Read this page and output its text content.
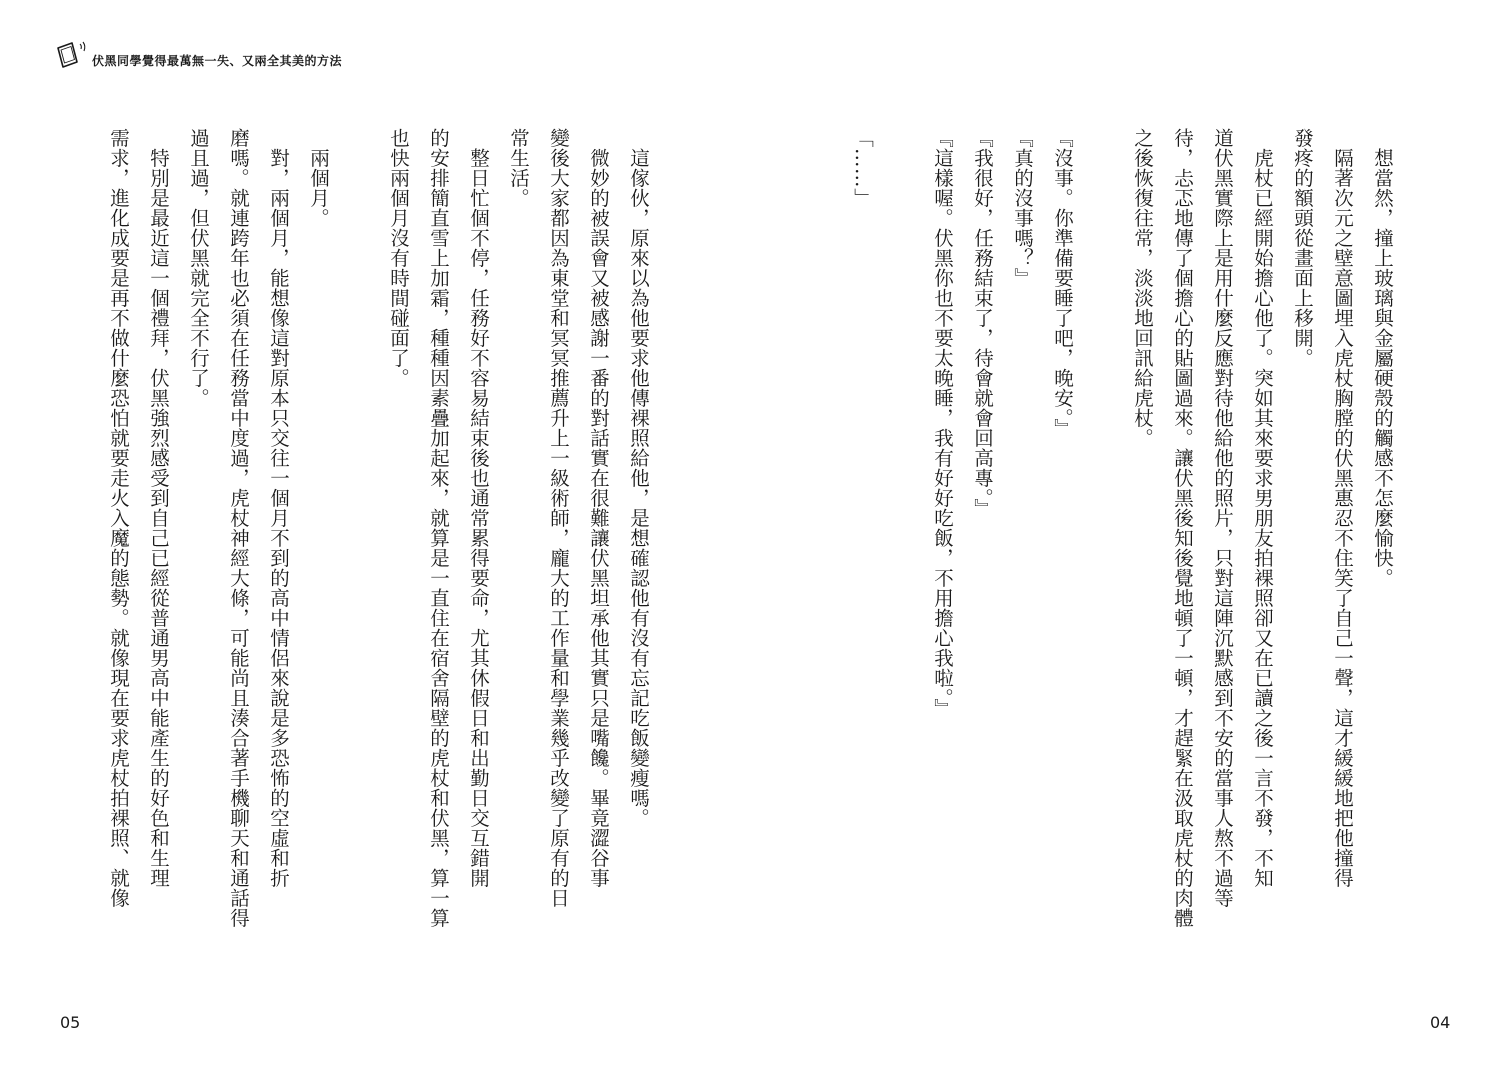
伏黑同學覺得最萬無一失、又兩全其美的方法

　想當然，撞上玻璃與金屬硬殼的觸感不怎麼愉快。

　隔著次元之壁意圖埋入虎杖胸膛的伏黑惠忍不住笑了自己一聲，這才緩緩地把他撞得

發疼的額頭從畫面上移開。

　虎杖已經開始擔心他了。突如其來要求男朋友拍裸照卻又在已讀之後一言不發，不知

道伏黑實際上是用什麼反應對待他給他的照片，只對這陣沉默感到不安的當事人熬不過等

待，忐忑地傳了個擔心的貼圖過來。讓伏黑後知後覺地頓了一頓，才趕緊在汲取虎杖的肉體

之後恢復往常，淡淡地回訊給虎杖。

『沒事。你準備要睡了吧，晚安。』

『真的沒事嗎？』

『我很好，任務結束了，待會就會回高專。』

『這樣喔。伏黑你也不要太晚睡，我有好好吃飯，不用擔心我啦。』

「……」

　這傢伙，原來以為他要求他傳裸照給他，是想確認他有沒有忘記吃飯變瘦嗎。

　微妙的被誤會又被感謝一番的對話實在很難讓伏黑坦承他其實只是嘴饞。畢竟澀谷事

變後大家都因為東堂和冥冥推薦升上一級術師，龐大的工作量和學業幾乎改變了原有的日

常生活。

　整日忙個不停，任務好不容易結束後也通常累得要命，尤其休假日和出勤日交互錯開

的安排簡直雪上加霜，種種因素疊加起來，就算是一直住在宿舍隔壁的虎杖和伏黑，算一算

也快兩個月沒有時間碰面了。

　兩個月。

　對，兩個月，能想像這對原本只交往一個月不到的高中情侶來說是多恐怖的空虛和折

磨嗎。就連跨年也必須在任務當中度過，虎杖神經大條，可能尚且湊合著手機聊天和通話得

過且過，但伏黑就完全不行了。

　特別是最近這一個禮拜，伏黑強烈感受到自己已經從普通男高中能產生的好色和生理

需求，進化成要是再不做什麼恐怕就要走火入魔的態勢。就像現在要求虎杖拍裸照、就像

05	04
